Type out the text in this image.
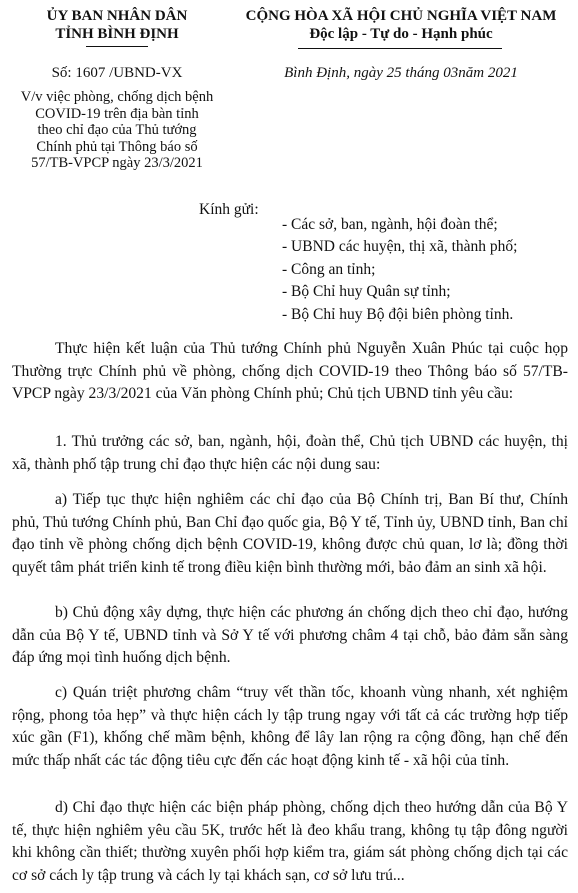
ỦY BAN NHÂN DÂN
TỈNH BÌNH ĐỊNH
Số: 1607 /UBND-VX
V/v việc phòng, chống dịch bệnh
COVID-19 trên địa bàn tỉnh
theo chỉ đạo của Thủ tướng
Chính phủ tại Thông báo số
57/TB-VPCP ngày 23/3/2021
CỘNG HÒA XÃ HỘI CHỦ NGHĨA VIỆT NAM
Độc lập - Tự do - Hạnh phúc
Bình Định, ngày 25 tháng 03năm 2021
Kính gửi:
- Các sở, ban, ngành, hội đoàn thể;
- UBND các huyện, thị xã, thành phố;
- Công an tỉnh;
- Bộ Chỉ huy Quân sự tỉnh;
- Bộ Chỉ huy Bộ đội biên phòng tỉnh.
Thực hiện kết luận của Thủ tướng Chính phủ Nguyễn Xuân Phúc tại cuộc họp Thường trực Chính phủ về phòng, chống dịch COVID-19 theo Thông báo số 57/TB-VPCP ngày 23/3/2021 của Văn phòng Chính phủ; Chủ tịch UBND tỉnh yêu cầu:
1. Thủ trưởng các sở, ban, ngành, hội, đoàn thể, Chủ tịch UBND các huyện, thị xã, thành phố tập trung chỉ đạo thực hiện các nội dung sau:
a) Tiếp tục thực hiện nghiêm các chỉ đạo của Bộ Chính trị, Ban Bí thư, Chính phủ, Thủ tướng Chính phủ, Ban Chỉ đạo quốc gia, Bộ Y tế, Tỉnh ủy, UBND tỉnh, Ban chỉ đạo tỉnh về phòng chống dịch bệnh COVID-19, không được chủ quan, lơ là; đồng thời quyết tâm phát triển kinh tế trong điều kiện bình thường mới, bảo đảm an sinh xã hội.
b) Chủ động xây dựng, thực hiện các phương án chống dịch theo chỉ đạo, hướng dẫn của Bộ Y tế, UBND tỉnh và Sở Y tế với phương châm 4 tại chỗ, bảo đảm sẵn sàng đáp ứng mọi tình huống dịch bệnh.
c) Quán triệt phương châm “truy vết thần tốc, khoanh vùng nhanh, xét nghiệm rộng, phong tỏa hẹp” và thực hiện cách ly tập trung ngay với tất cả các trường hợp tiếp xúc gần (F1), khống chế mầm bệnh, không để lây lan rộng ra cộng đồng, hạn chế đến mức thấp nhất các tác động tiêu cực đến các hoạt động kinh tế - xã hội của tỉnh.
d) Chỉ đạo thực hiện các biện pháp phòng, chống dịch theo hướng dẫn của Bộ Y tế, thực hiện nghiêm yêu cầu 5K, trước hết là đeo khẩu trang, không tụ tập đông người khi không cần thiết; thường xuyên phối hợp kiểm tra, giám sát phòng chống dịch tại các cơ sở cách ly tập trung và cách ly tại khách sạn, cơ sở lưu trú...
